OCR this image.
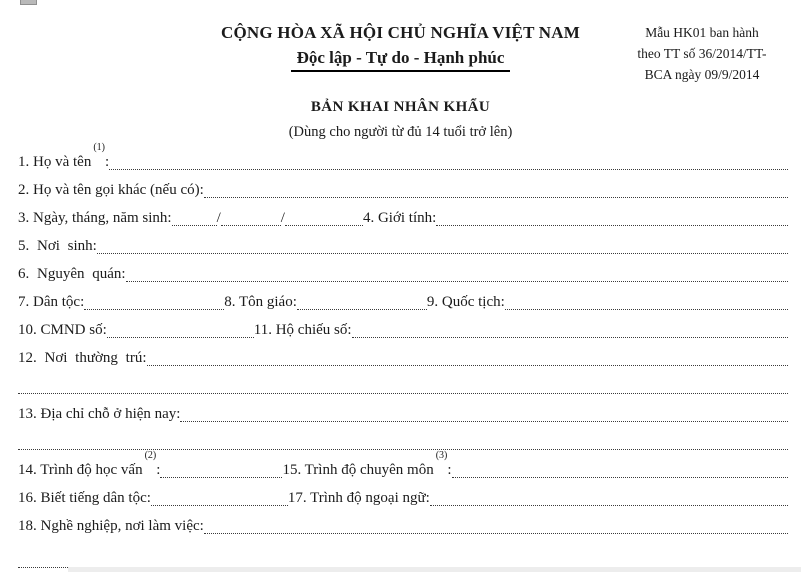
Mẫu HK01 ban hành
theo TT số 36/2014/TT-
BCA ngày 09/9/2014
CỘNG HÒA XÃ HỘI CHỦ NGHĨA VIỆT NAM
Độc lập - Tự do - Hạnh phúc
BẢN KHAI NHÂN KHẨU
(Dùng cho người từ đủ 14 tuổi trở lên)
1. Họ và tên
(1)
:
2. Họ và tên gọi khác (nếu có):
3. Ngày, tháng, năm sinh:	/	/	4. Giới tính:
5. Nơi sinh:
6. Nguyên quán:
7. Dân tộc:	8. Tôn giáo:	9. Quốc tịch:
10. CMND số:	11. Hộ chiếu số:
12. Nơi thường trú:
13. Địa chỉ chỗ ở hiện nay:
14. Trình độ học vấn
(2)
:	15. Trình độ chuyên môn
(3)
:
16. Biết tiếng dân tộc:	17. Trình độ ngoại ngữ:
18. Nghề nghiệp, nơi làm việc:
